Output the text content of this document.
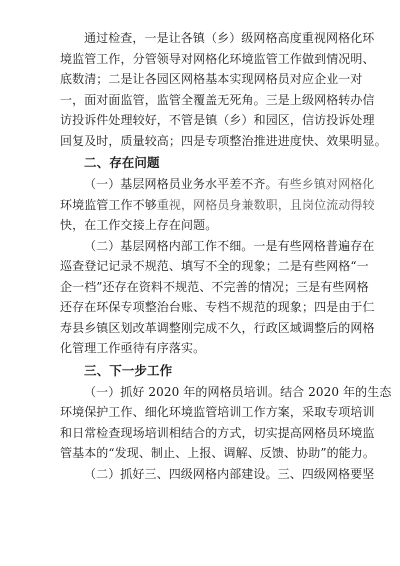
通过检查，一是让各镇（乡）级网格高度重视网格化环
境监管工作，分管领导对网格化环境监管工作做到情况明、
底数清；二是让各园区网格基本实现网格员对应企业一对
一，面对面监管，监管全覆盖无死角。三是上级网格转办信
访投诉件处理较好，不管是镇（乡）和园区，信访投诉处理
回复及时，质量较高；四是专项整治推进进度快、效果明显。
二、存在问题
（一）基层网格员业务水平差不齐。有些乡镇对网格化
环境监管工作不够重视，网格员身兼数职，且岗位流动得较
快，在工作交接上存在问题。
（二）基层网格内部工作不细。一是有些网格普遍存在
巡查登记记录不规范、填写不全的现象；二是有些网格“一
企一档”还存在资料不规范、不完善的情况；三是有些网格
还存在环保专项整治台账、专档不规范的现象；四是由于仁
寿县乡镇区划改革调整刚完成不久，行政区域调整后的网格
化管理工作亟待有序落实。
三、下一步工作
（一）抓好 2020 年的网格员培训。结合 2020 年的生态
环境保护工作、细化环境监管培训工作方案，采取专项培训
和日常检查现场培训相结合的方式，切实提高网格员环境监
管基本的“发现、制止、上报、调解、反馈、协助”的能力。
（二）抓好三、四级网格内部建设。三、四级网格要坚
